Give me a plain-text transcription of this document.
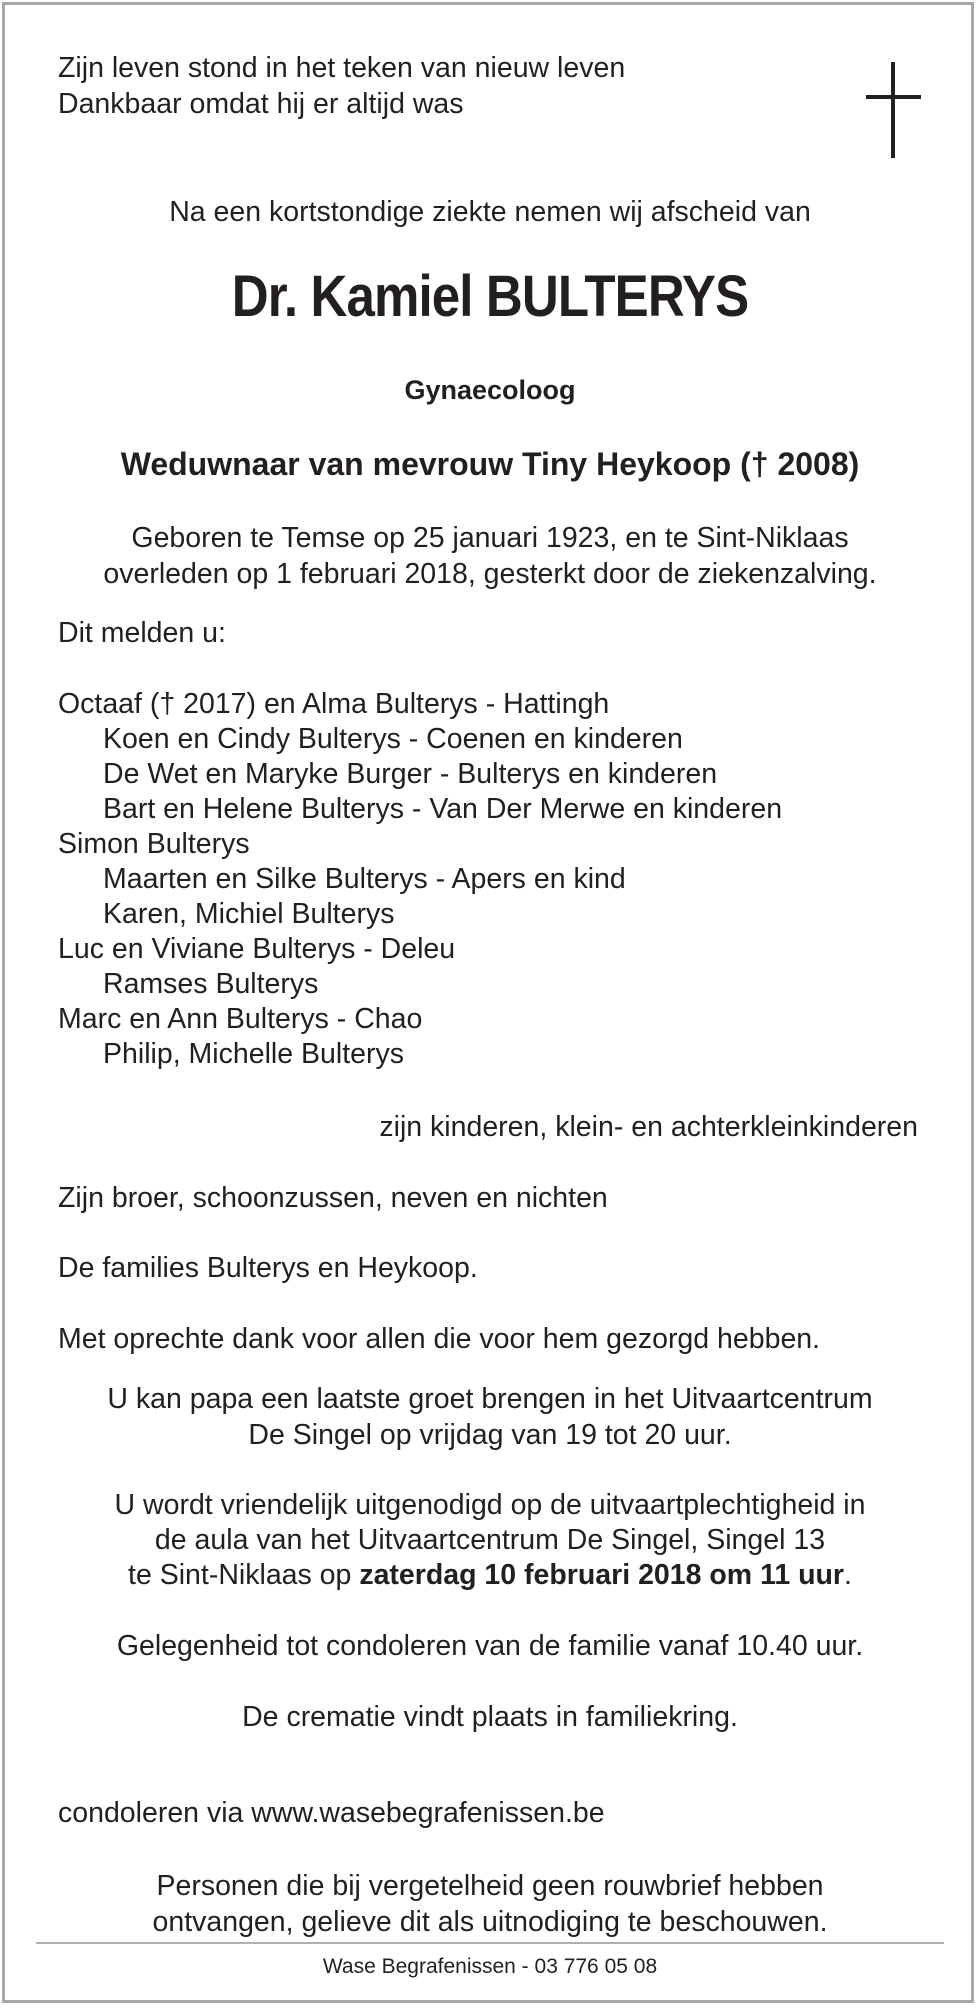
Zijn leven stond in het teken van nieuw leven
Dankbaar omdat hij er altijd was
Na een kortstondige ziekte nemen wij afscheid van
Dr. Kamiel BULTERYS
Gynaecoloog
Weduwnaar van mevrouw Tiny Heykoop († 2008)
Geboren te Temse op 25 januari 1923, en te Sint-Niklaas
overleden op 1 februari 2018, gesterkt door de ziekenzalving.
Dit melden u:
Octaaf († 2017) en Alma Bulterys - Hattingh
Koen en Cindy Bulterys - Coenen en kinderen
De Wet en Maryke Burger - Bulterys en kinderen
Bart en Helene Bulterys - Van Der Merwe en kinderen
Simon Bulterys
Maarten en Silke Bulterys - Apers en kind
Karen, Michiel Bulterys
Luc en Viviane Bulterys - Deleu
Ramses Bulterys
Marc en Ann Bulterys - Chao
Philip, Michelle Bulterys
zijn kinderen, klein- en achterkleinkinderen
Zijn broer, schoonzussen, neven en nichten
De families Bulterys en Heykoop.
Met oprechte dank voor allen die voor hem gezorgd hebben.
U kan papa een laatste groet brengen in het Uitvaartcentrum
De Singel op vrijdag van 19 tot 20 uur.
U wordt vriendelijk uitgenodigd op de uitvaartplechtigheid in
de aula van het Uitvaartcentrum De Singel, Singel 13
te Sint-Niklaas op zaterdag 10 februari 2018 om 11 uur.
Gelegenheid tot condoleren van de familie vanaf 10.40 uur.
De crematie vindt plaats in familiekring.
condoleren via www.wasebegrafenissen.be
Personen die bij vergetelheid geen rouwbrief hebben
ontvangen, gelieve dit als uitnodiging te beschouwen.
Wase Begrafenissen - 03 776 05 08
